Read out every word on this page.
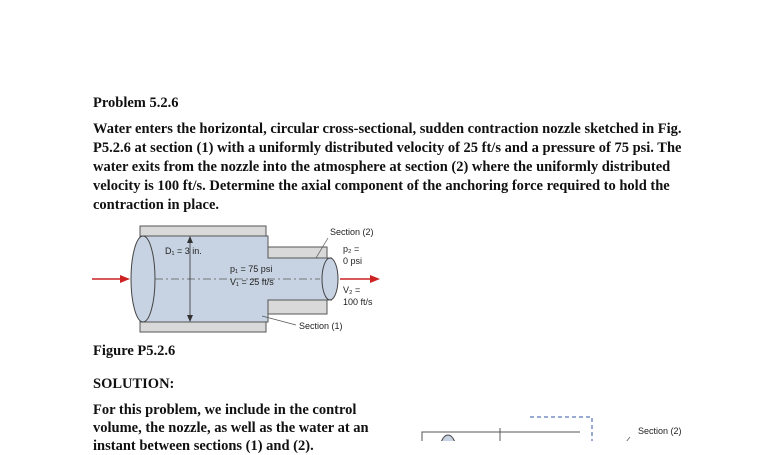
Problem 5.2.6

Water enters the horizontal, circular cross-sectional, sudden contraction nozzle sketched in Fig. P5.2.6 at section (1) with a uniformly distributed velocity of 25 ft/s and a pressure of 75 psi. The water exits from the nozzle into the atmosphere at section (2) where the uniformly distributed velocity is 100 ft/s. Determine the axial component of the anchoring force required to hold the contraction in place.

D₁ = 3 in.
p₁ = 75 psi
V₁ = 25 ft/s
Section (2)
p₂ =
0 psi
V₂ =
100 ft/s
Section (1)
Section (2)

Figure P5.2.6

SOLUTION:

For this problem, we include in the control volume, the nozzle, as well as the water at an instant between sections (1) and (2).
